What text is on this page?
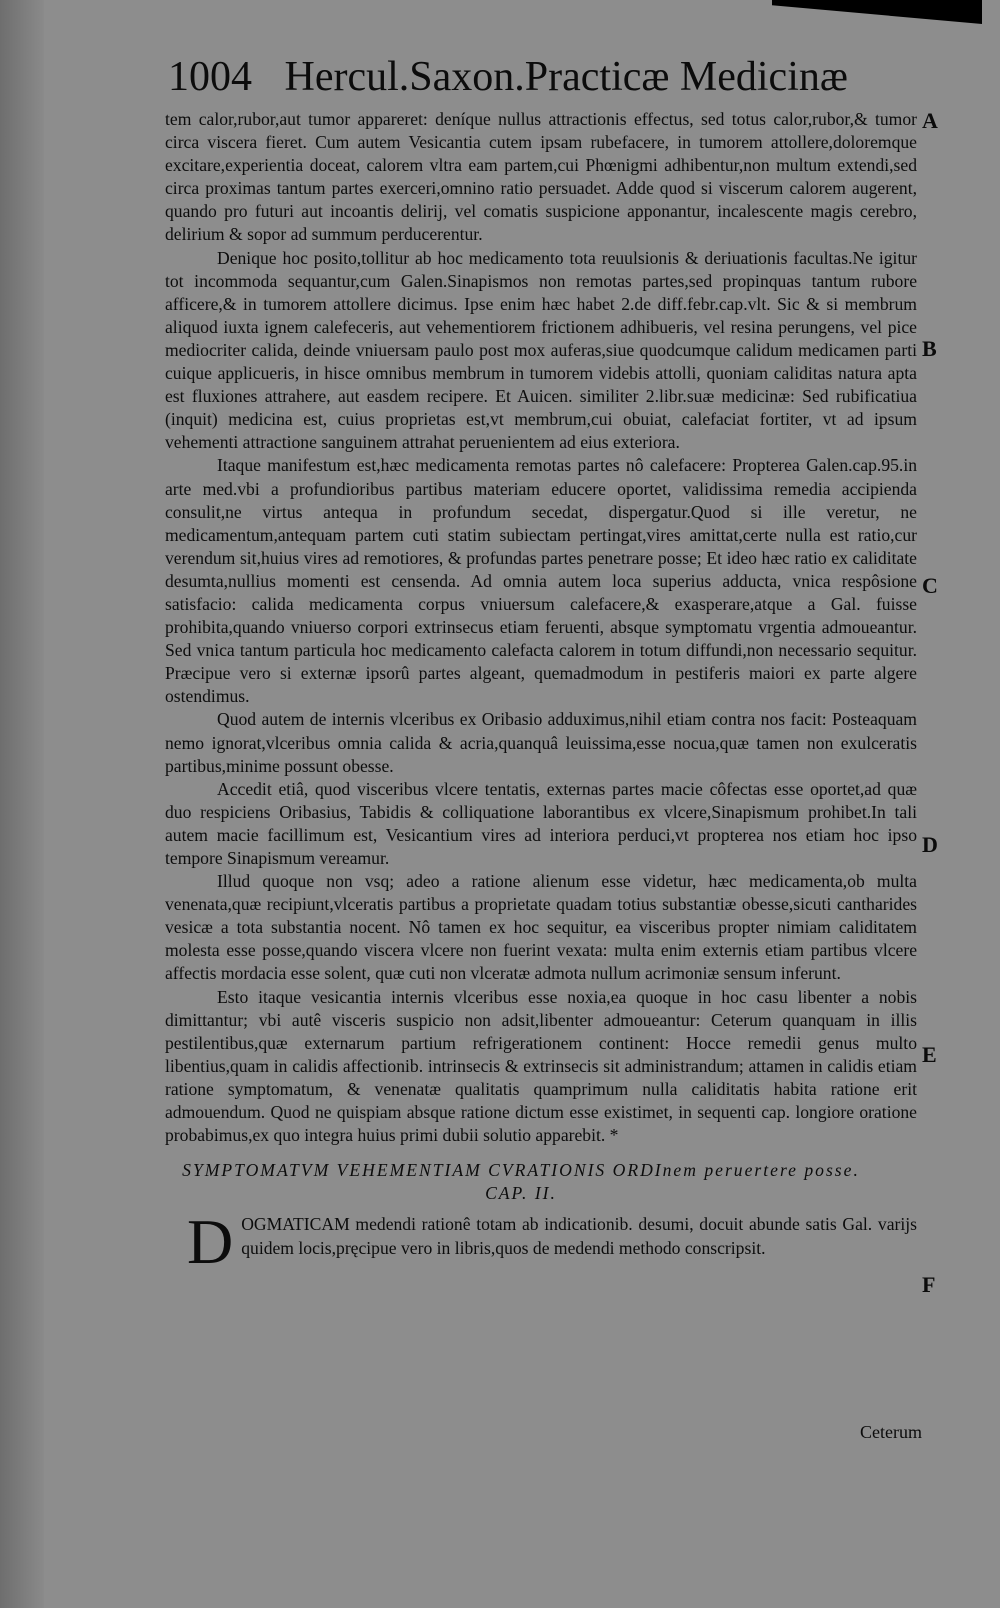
1004 Hercul.Saxon.Practicæ Medicinæ

tem calor,rubor,aut tumor appareret: deníque nullus attractionis effectus, sed totus calor,rubor,& tumor circa viscera fieret. Cum autem Vesicantia cutem ipsam rubefacere, in tumorem attollere,doloremque excitare,experientia doceat, calorem vltra eam partem,cui Phœnigmi adhibentur,non multum extendi,sed circa proximas tantum partes exerceri,omnino ratio persuadet. Adde quod si viscerum calorem augerent, quando pro futuri aut incoantis delirij, vel comatis suspicione apponantur, incalescente magis cerebro, delirium & sopor ad summum perducerentur.

Denique hoc posito,tollitur ab hoc medicamento tota reuulsionis & deriuationis facultas.Ne igitur tot incommoda sequantur,cum Galen.Sinapismos non remotas partes,sed propinquas tantum rubore afficere,& in tumorem attollere dicimus. Ipse enim hæc habet 2.de diff.febr.cap.vlt. Sic & si membrum aliquod iuxta ignem calefeceris, aut vehementiorem frictionem adhibueris, vel resina perungens, vel pice mediocriter calida, deinde vniuersam paulo post mox auferas,siue quodcumque calidum medicamen parti cuique applicueris, in hisce omnibus membrum in tumorem videbis attolli, quoniam caliditas natura apta est fluxiones attrahere, aut easdem recipere. Et Auicen. similiter 2.libr.suæ medicinæ: Sed rubificatiua (inquit) medicina est, cuius proprietas est,vt membrum,cui obuiat, calefaciat fortiter, vt ad ipsum vehementi attractione sanguinem attrahat peruenientem ad eius exteriora.

Itaque manifestum est,hæc medicamenta remotas partes nô calefacere: Propterea Galen.cap.95.in arte med.vbi a profundioribus partibus materiam educere oportet, validissima remedia accipienda consulit,ne virtus antequa in profundum secedat, dispergatur.Quod si ille veretur, ne medicamentum,antequam partem cuti statim subiectam pertingat,vires amittat,certe nulla est ratio,cur verendum sit,huius vires ad remotiores, & profundas partes penetrare posse; Et ideo hæc ratio ex caliditate desumta,nullius momenti est censenda. Ad omnia autem loca superius adducta, vnica respôsione satisfacio: calida medicamenta corpus vniuersum calefacere,& exasperare,atque a Gal. fuisse prohibita,quando vniuerso corpori extrinsecus etiam feruenti, absque symptomatu vrgentia admoueantur. Sed vnica tantum particula hoc medicamento calefacta calorem in totum diffundi,non necessario sequitur. Præcipue vero si externæ ipsorû partes algeant, quemadmodum in pestiferis maiori ex parte algere ostendimus.

Quod autem de internis vlceribus ex Oribasio adduximus,nihil etiam contra nos facit: Posteaquam nemo ignorat,vlceribus omnia calida & acria,quanquâ leuissima,esse nocua,quæ tamen non exulceratis partibus,minime possunt obesse.

Accedit etiâ, quod visceribus vlcere tentatis, externas partes macie côfectas esse oportet,ad quæ duo respiciens Oribasius, Tabidis & colliquatione laborantibus ex vlcere,Sinapismum prohibet.In tali autem macie facillimum est, Vesicantium vires ad interiora perduci,vt propterea nos etiam hoc ipso tempore Sinapismum vereamur.

Illud quoque non vsq; adeo a ratione alienum esse videtur, hæc medicamenta,ob multa venenata,quæ recipiunt,vlceratis partibus a proprietate quadam totius substantiæ obesse,sicuti cantharides vesicæ a tota substantia nocent. Nô tamen ex hoc sequitur, ea visceribus propter nimiam caliditatem molesta esse posse,quando viscera vlcere non fuerint vexata: multa enim externis etiam partibus vlcere affectis mordacia esse solent, quæ cuti non vlceratæ admota nullum acrimoniæ sensum inferunt.

Esto itaque vesicantia internis vlceribus esse noxia,ea quoque in hoc casu libenter a nobis dimittantur; vbi autê visceris suspicio non adsit,libenter admoueantur: Ceterum quanquam in illis pestilentibus,quæ externarum partium refrigerationem continent: Hocce remedii genus multo libentius,quam in calidis affectionib. intrinsecis & extrinsecis sit administrandum; attamen in calidis etiam ratione symptomatum, & venenatæ qualitatis quamprimum nulla caliditatis habita ratione erit admouendum. Quod ne quispiam absque ratione dictum esse existimet, in sequenti cap. longiore oratione probabimus,ex quo integra huius primi dubii solutio apparebit. *

SYMPTOMATVM VEHEMENTIAM CVRATIONIS ORDInem peruertere posse. CAP. II.

D OGMATICAM medendi rationê totam ab indicationib. desumi, docuit abunde satis Gal. varijs quidem locis,pręcipue vero in libris,quos de medendi methodo conscripsit.

Ceterum
A
B
C
D
E
F
